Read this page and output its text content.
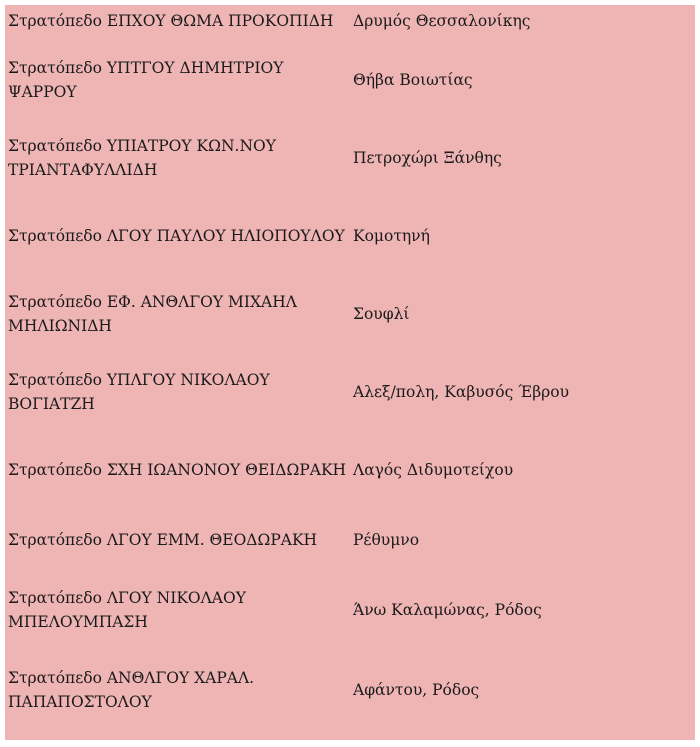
Στρατόπεδο ΕΠΧΟΥ ΘΩΜΑ ΠΡΟΚΟΠΙΔΗ	Δρυμός Θεσσαλονίκης

Στρατόπεδο ΥΠΤΓΟΥ ΔΗΜΗΤΡΙΟΥ ΨΑΡΡΟΥ	Θήβα Βοιωτίας

Στρατόπεδο ΥΠΙΑΤΡΟΥ ΚΩΝ.ΝΟΥ ΤΡΙΑΝΤΑΦΥΛΛΙΔΗ	Πετροχώρι Ξάνθης

Στρατόπεδο ΛΓΟΥ ΠΑΥΛΟΥ ΗΛΙΟΠΟΥΛΟΥ	Κομοτηνή

Στρατόπεδο ΕΦ. ΑΝΘΛΓΟΥ ΜΙΧΑΗΛ ΜΗΛΙΩΝΙΔΗ	Σουφλί

Στρατόπεδο ΥΠΛΓΟΥ ΝΙΚΟΛΑΟΥ ΒΟΓΙΑΤΖΗ	Αλεξ/πολη, Καβυσός Έβρου

Στρατόπεδο ΣΧΗ ΙΩΑΝΟΝΟΥ ΘΕΙΔΩΡΑΚΗ	Λαγός Διδυμοτείχου

Στρατόπεδο ΛΓΟΥ ΕΜΜ. ΘΕΟΔΩΡΑΚΗ	Ρέθυμνο

Στρατόπεδο ΛΓΟΥ ΝΙΚΟΛΑΟΥ ΜΠΕΛΟΥΜΠΑΣΗ	Άνω Καλαμώνας, Ρόδος

Στρατόπεδο ΑΝΘΛΓΟΥ ΧΑΡΑΛ. ΠΑΠΑΠΟΣΤΟΛΟΥ	Αφάντου, Ρόδος
